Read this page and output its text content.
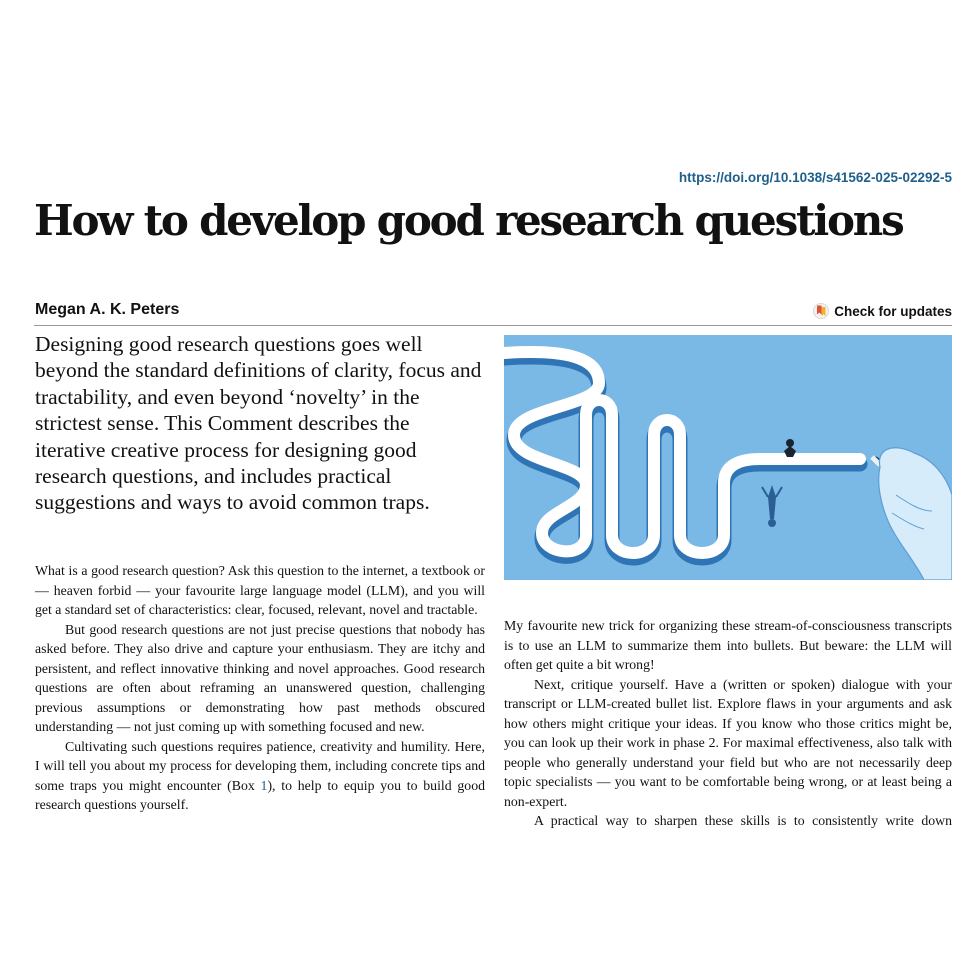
https://doi.org/10.1038/s41562-025-02292-5
How to develop good research questions
Megan A. K. Peters	Check for updates

Designing good research questions goes well beyond the standard definitions of clarity, focus and tractability, and even beyond ‘novelty’ in the strictest sense. This Comment describes the iterative creative process for designing good research questions, and includes practical suggestions and ways to avoid common traps.

What is a good research question? Ask this question to the internet, a textbook or — heaven forbid — your favourite large language model (LLM), and you will get a standard set of characteristics: clear, focused, relevant, novel and tractable.

But good research questions are not just precise questions that nobody has asked before. They also drive and capture your enthusiasm. They are itchy and persistent, and reflect innovative thinking and novel approaches. Good research questions are often about reframing an unanswered question, challenging previous assumptions or demonstrating how past methods obscured understanding — not just coming up with something focused and new.

Cultivating such questions requires patience, creativity and humility. Here, I will tell you about my process for developing them, including concrete tips and some traps you might encounter (Box 1), to help to equip you to build good research questions yourself.

My favourite new trick for organizing these stream-of-consciousness transcripts is to use an LLM to summarize them into bullets. But beware: the LLM will often get quite a bit wrong!

Next, critique yourself. Have a (written or spoken) dialogue with your transcript or LLM-created bullet list. Explore flaws in your arguments and ask how others might critique your ideas. If you know who those critics might be, you can look up their work in phase 2. For maximal effectiveness, also talk with people who generally understand your field but who are not necessarily deep topic specialists — you want to be comfortable being wrong, or at least being a non-expert.

A practical way to sharpen these skills is to consistently write down
